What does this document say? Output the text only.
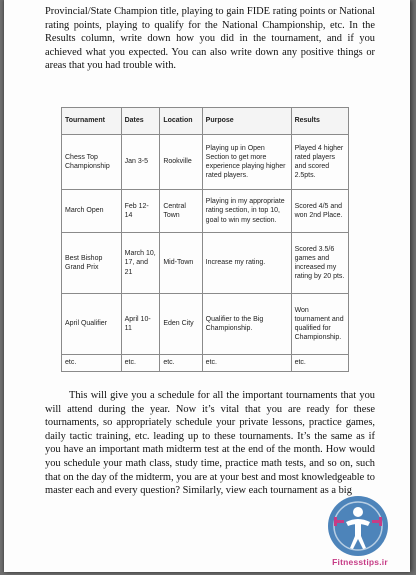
Provincial/State Champion title, playing to gain FIDE rating points or National rating points, playing to qualify for the National Championship, etc. In the Results column, write down how you did in the tournament, and if you achieved what you expected. You can also write down any positive things or areas that you had trouble with.

Tournament	Dates	Location	Purpose	Results
Chess Top Championship	Jan 3-5	Rookville	Playing up in Open Section to get more experience playing higher rated players.	Played 4 higher rated players and scored 2.5pts.
March Open	Feb 12-14	Central Town	Playing in my appropriate rating section, in top 10, goal to win my section.	Scored 4/5 and won 2nd Place.
Best Bishop Grand Prix	March 10, 17, and 21	Mid-Town	Increase my rating.	Scored 3.5/6 games and increased my rating by 20 pts.
April Qualifier	April 10-11	Eden City	Qualifier to the Big Championship.	Won tournament and qualified for Championship.
etc.	etc.	etc.	etc.	etc.

This will give you a schedule for all the important tournaments that you will attend during the year. Now it’s vital that you are ready for these tournaments, so appropriately schedule your private lessons, practice games, daily tactic training, etc. leading up to these tournaments. It’s the same as if you have an important math midterm test at the end of the month. How would you schedule your math class, study time, practice math tests, and so on, such that on the day of the midterm, you are at your best and most knowledgeable to master each and every question? Similarly, view each tournament as a big

Fitnesstips.ir
